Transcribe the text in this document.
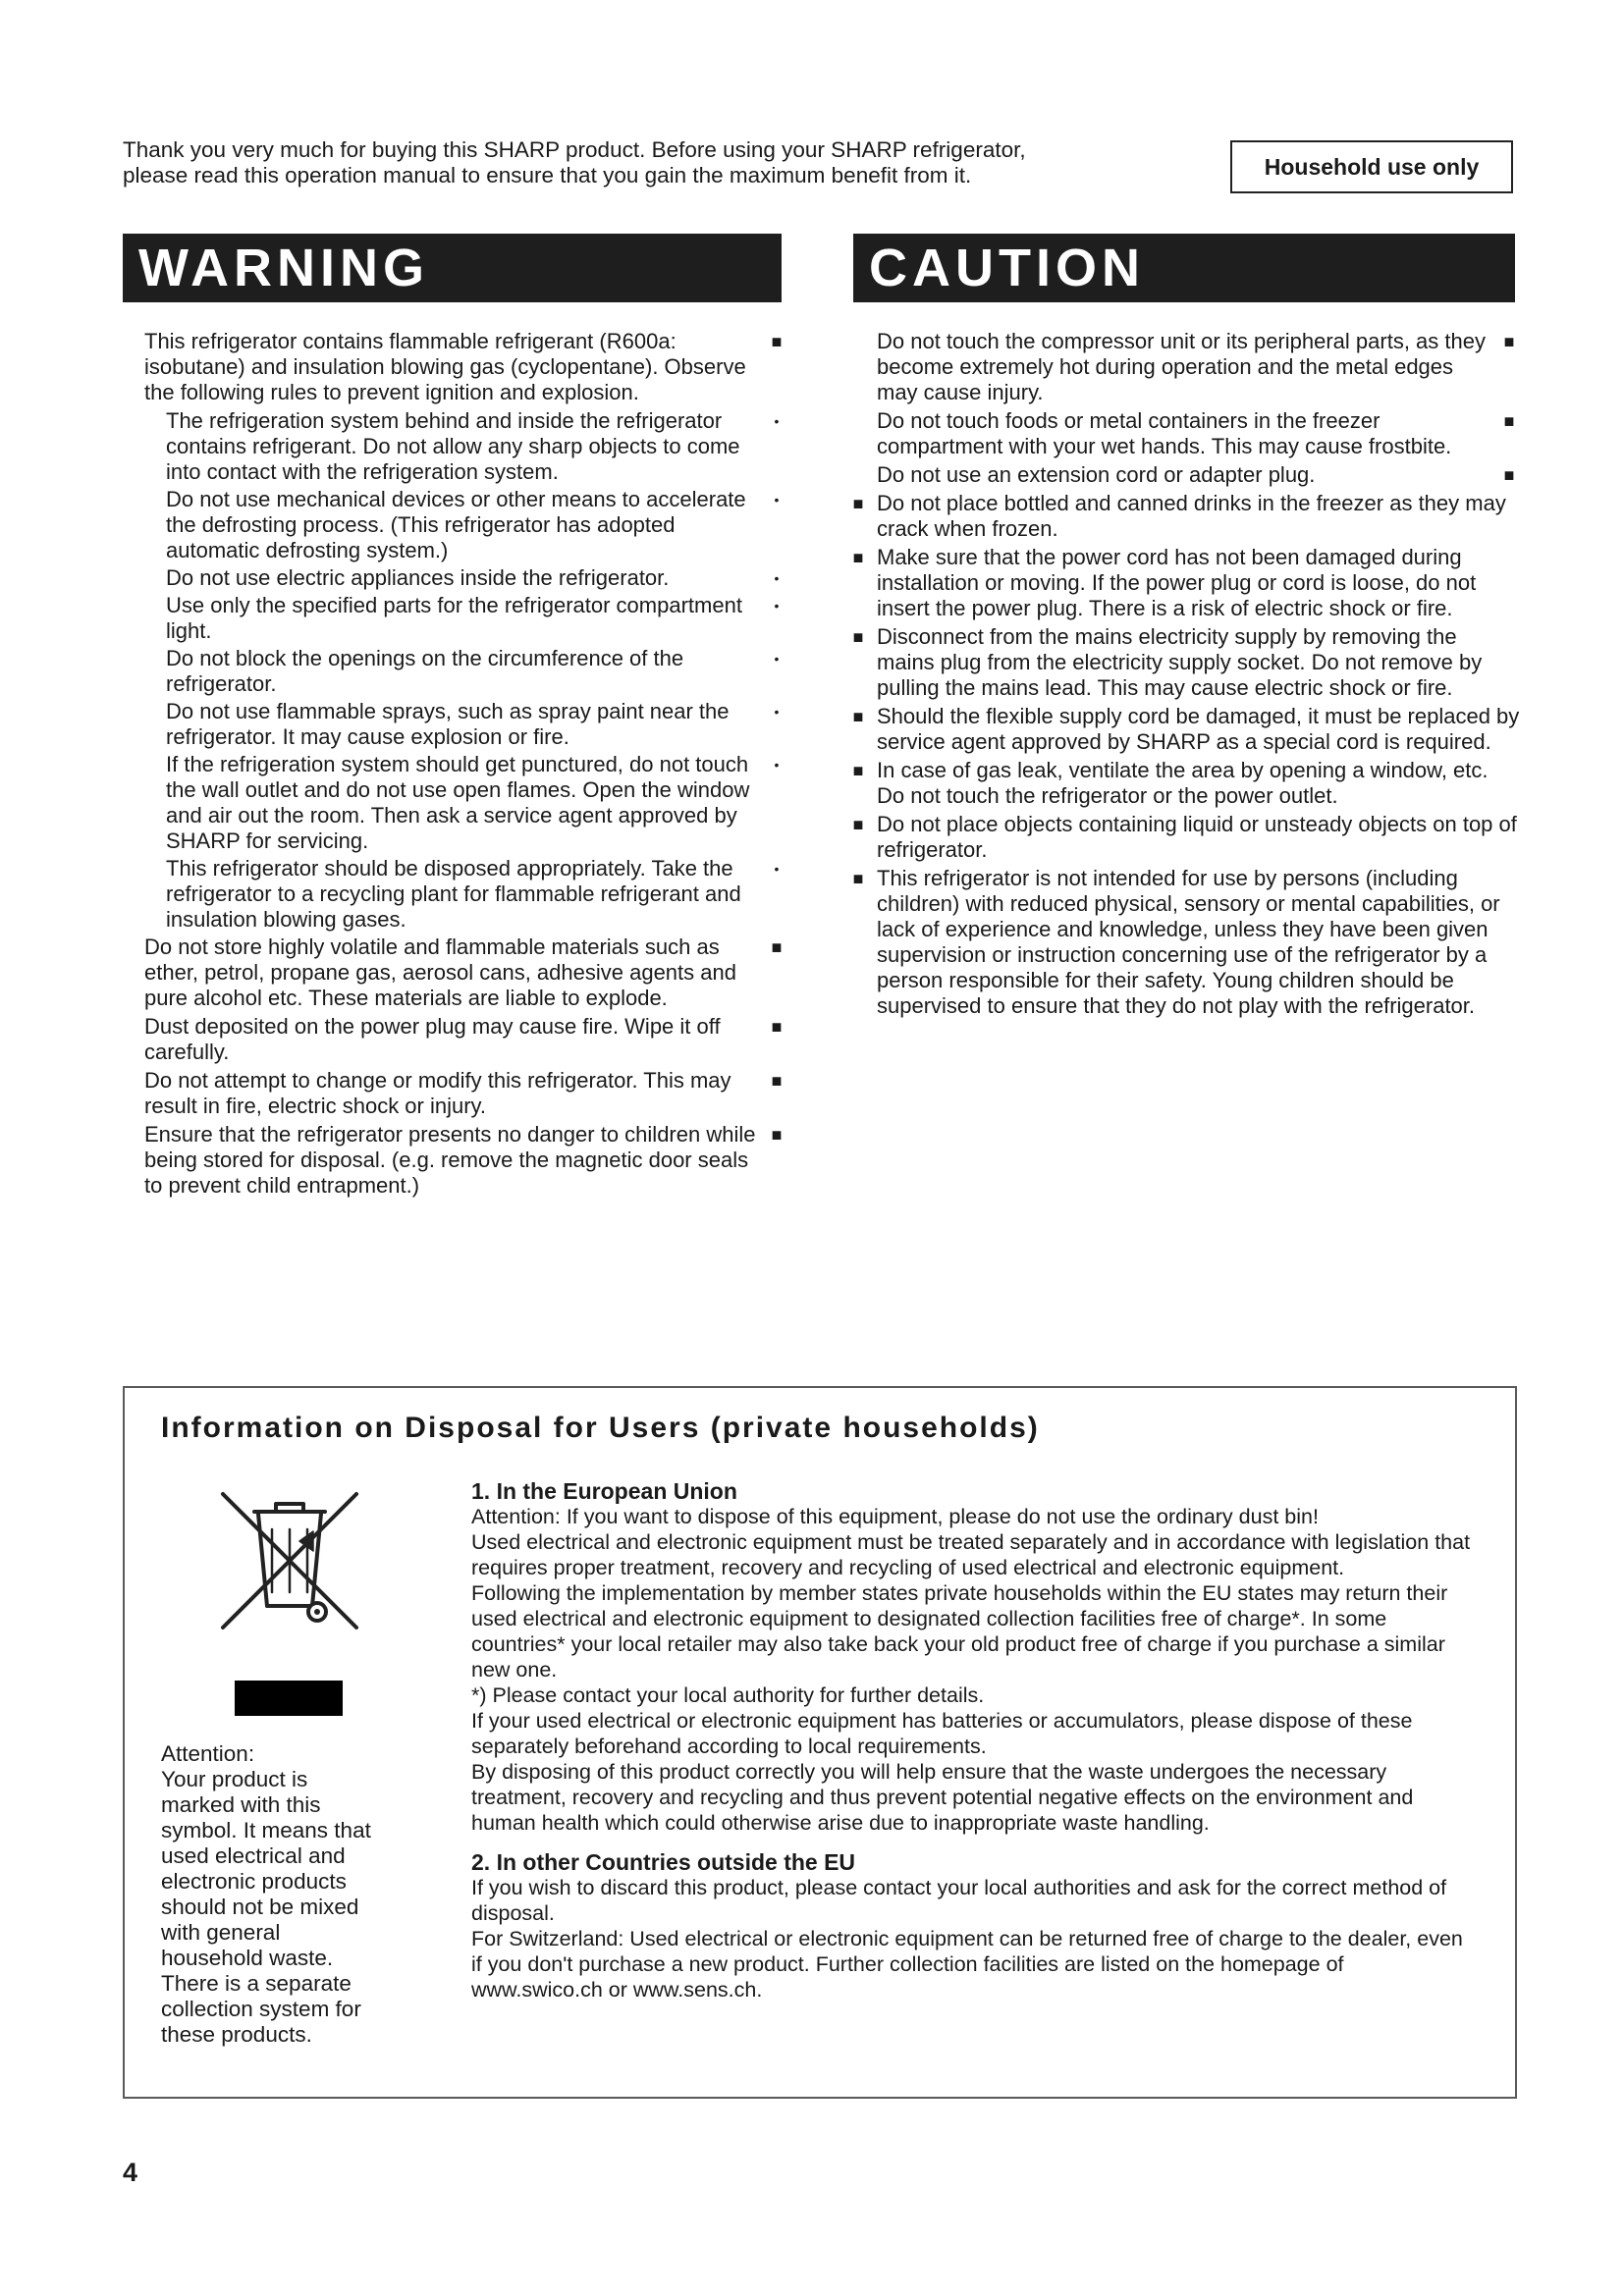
Thank you very much for buying this SHARP product. Before using your SHARP refrigerator,

please read this operation manual to ensure that you gain the maximum benefit from it.	Household use only
WARNING	CAUTION
This refrigerator contains flammable refrigerant (R600a: isobutane) and insulation blowing gas (cyclopentane). Observe the following rules to prevent ignition and explosion.
■
The refrigeration system behind and inside the refrigerator contains refrigerant. Do not allow any sharp objects to come into contact with the refrigeration system.
•
Do not use mechanical devices or other means to accelerate the defrosting process. (This refrigerator has adopted automatic defrosting system.)
•
Do not use electric appliances inside the refrigerator.	•
Use only the specified parts for the refrigerator compartment light.
•
Do not block the openings on the circumference of the refrigerator.
•
Do not use flammable sprays, such as spray paint near the refrigerator. It may cause explosion or fire.
•
If the refrigeration system should get punctured, do not touch the wall outlet and do not use open flames. Open the window and air out the room. Then ask a service agent approved by SHARP for servicing.
•
This refrigerator should be disposed appropriately. Take the refrigerator to a recycling plant for flammable refrigerant and insulation blowing gases.
•
Do not store highly volatile and flammable materials such as ether, petrol, propane gas, aerosol cans, adhesive agents and pure alcohol etc. These materials are liable to explode.
■
Dust deposited on the power plug may cause fire. Wipe it off carefully.
■
Do not attempt to change or modify this refrigerator. This may result in fire, electric shock or injury.
■
Ensure that the refrigerator presents no danger to children while being stored for disposal. (e.g. remove the magnetic door seals to prevent child entrapment.)
■
Do not touch the compressor unit or its peripheral parts, as they become extremely hot during operation and the metal edges may cause injury.
■
Do not touch foods or metal containers in the freezer compartment with your wet hands. This may cause frostbite.
■
Do not use an extension cord or adapter plug.	■
■ Do not place bottled and canned drinks in the freezer as they may crack when frozen.
■ Make sure that the power cord has not been damaged during installation or moving. If the power plug or cord is loose, do not insert the power plug. There is a risk of electric shock or fire.
■ Disconnect from the mains electricity supply by removing the mains plug from the electricity supply socket. Do not remove by pulling the mains lead. This may cause electric shock or fire.
■ Should the flexible supply cord be damaged, it must be replaced by service agent approved by SHARP as a special cord is required.
■ In case of gas leak, ventilate the area by opening a window, etc. Do not touch the refrigerator or the power outlet.
■ Do not place objects containing liquid or unsteady objects on top of refrigerator.
■ This refrigerator is not intended for use by persons (including children) with reduced physical, sensory or mental capabilities, or lack of experience and knowledge, unless they have been given supervision or instruction concerning use of the refrigerator by a person responsible for their safety. Young children should be supervised to ensure that they do not play with the refrigerator.
Information on Disposal for Users (private households)
Attention:
Your product is marked with this symbol. It means that used electrical and electronic products should not be mixed with general household waste. There is a separate collection system for these products.
1. In the European Union

Attention: If you want to dispose of this equipment, please do not use the ordinary dust bin!

Used electrical and electronic equipment must be treated separately and in accordance with legislation that requires proper treatment, recovery and recycling of used electrical and electronic equipment.

Following the implementation by member states private households within the EU states may return their used electrical and electronic equipment to designated collection facilities free of charge*. In some countries* your local retailer may also take back your old product free of charge if you purchase a similar new one.

*) Please contact your local authority for further details.

If your used electrical or electronic equipment has batteries or accumulators, please dispose of these separately beforehand according to local requirements.

By disposing of this product correctly you will help ensure that the waste undergoes the necessary treatment, recovery and recycling and thus prevent potential negative effects on the environment and human health which could otherwise arise due to inappropriate waste handling.

2. In other Countries outside the EU

If you wish to discard this product, please contact your local authorities and ask for the correct method of disposal.

For Switzerland: Used electrical or electronic equipment can be returned free of charge to the dealer, even if you don't purchase a new product. Further collection facilities are listed on the homepage of www.swico.ch or www.sens.ch.

4
